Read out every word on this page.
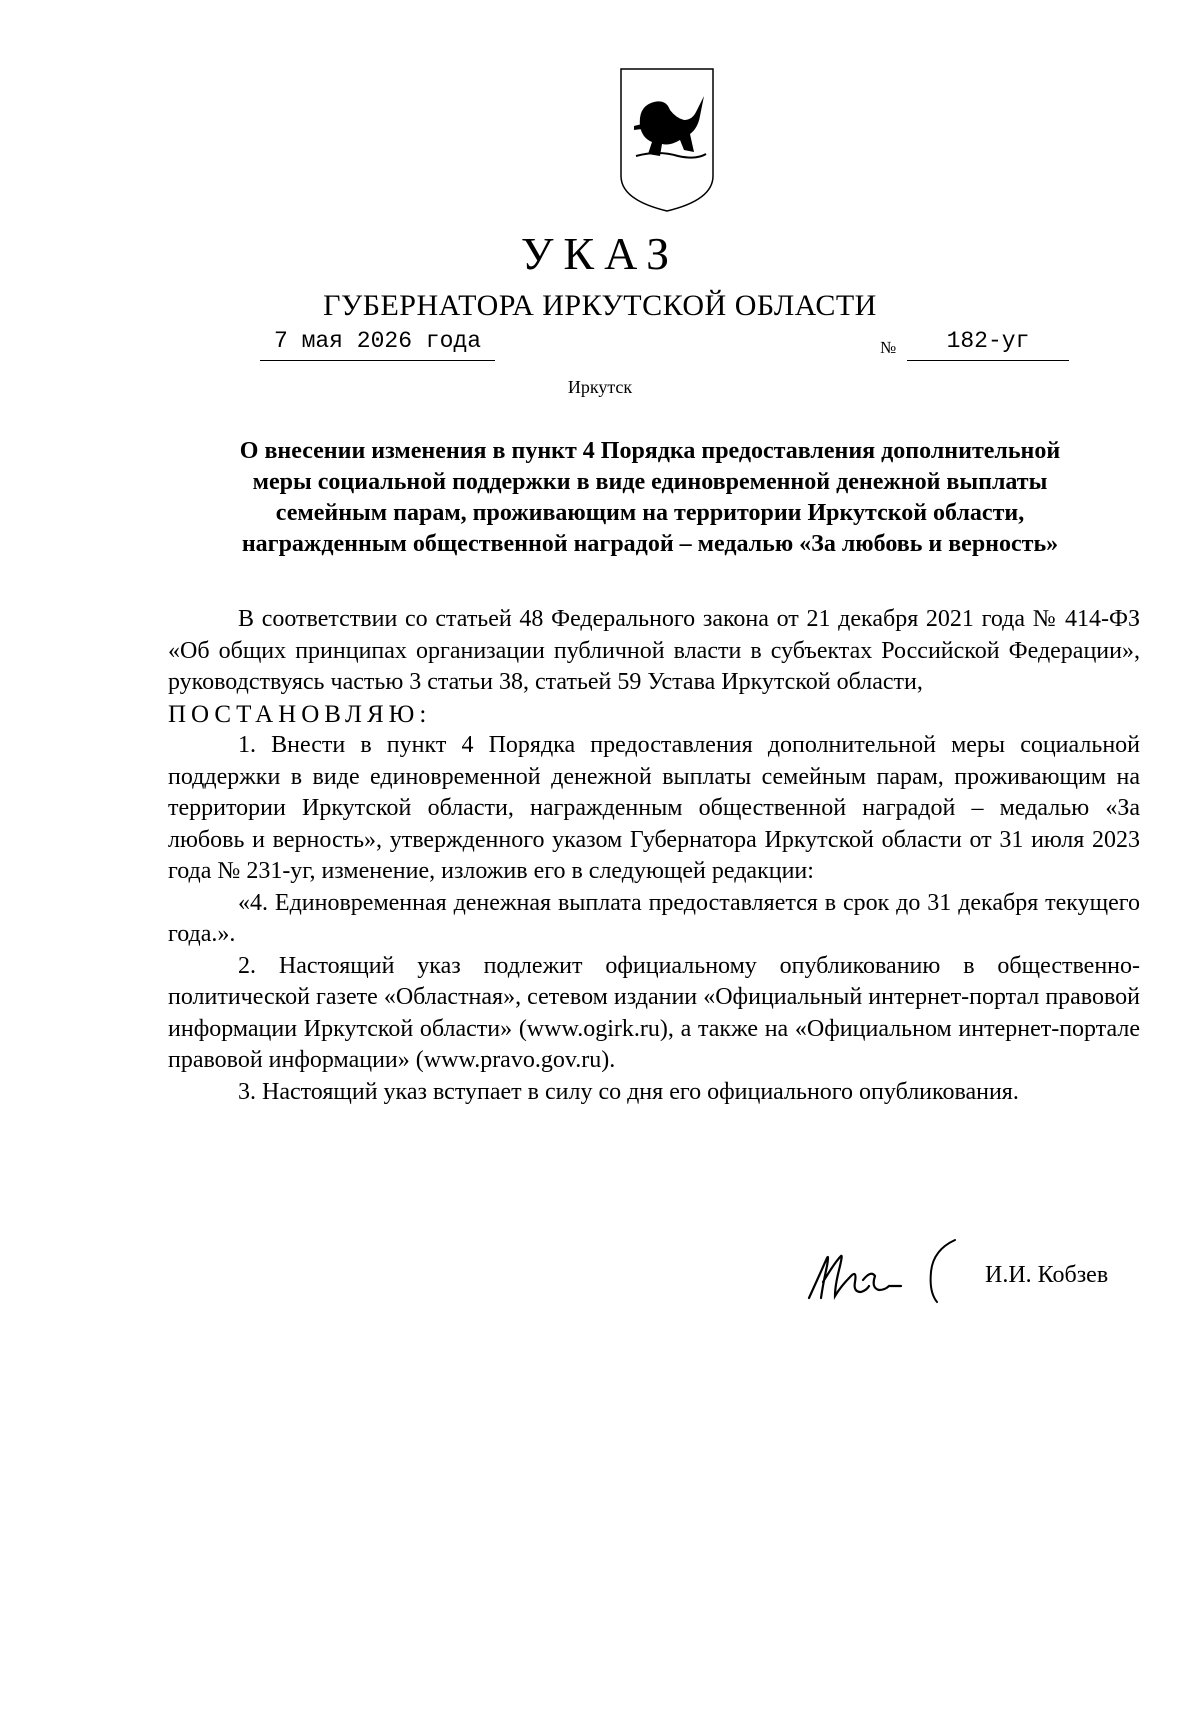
УКАЗ
ГУБЕРНАТОРА ИРКУТСКОЙ ОБЛАСТИ
7 мая 2026 года	№	182-уг
Иркутск
О внесении изменения в пункт 4 Порядка предоставления дополнительной
меры социальной поддержки в виде единовременной денежной выплаты
семейным парам, проживающим на территории Иркутской области,
награжденным общественной наградой – медалью «За любовь и верность»

В соответствии со статьей 48 Федерального закона от 21 декабря 2021 года № 414-ФЗ «Об общих принципах организации публичной власти в субъектах Российской Федерации», руководствуясь частью 3 статьи 38, статьей 59 Устава Иркутской области,

ПОСТАНОВЛЯЮ:

1. Внести в пункт 4 Порядка предоставления дополнительной меры социальной поддержки в виде единовременной денежной выплаты семейным парам, проживающим на территории Иркутской области, награжденным общественной наградой – медалью «За любовь и верность», утвержденного указом Губернатора Иркутской области от 31 июля 2023 года № 231-уг, изменение, изложив его в следующей редакции:

«4. Единовременная денежная выплата предоставляется в срок до 31 декабря текущего года.».

2. Настоящий указ подлежит официальному опубликованию в общественно-политической газете «Областная», сетевом издании «Официальный интернет-портал правовой информации Иркутской области» (www.ogirk.ru), а также на «Официальном интернет-портале правовой информации» (www.pravo.gov.ru).

3. Настоящий указ вступает в силу со дня его официального опубликования.

И.И. Кобзев
